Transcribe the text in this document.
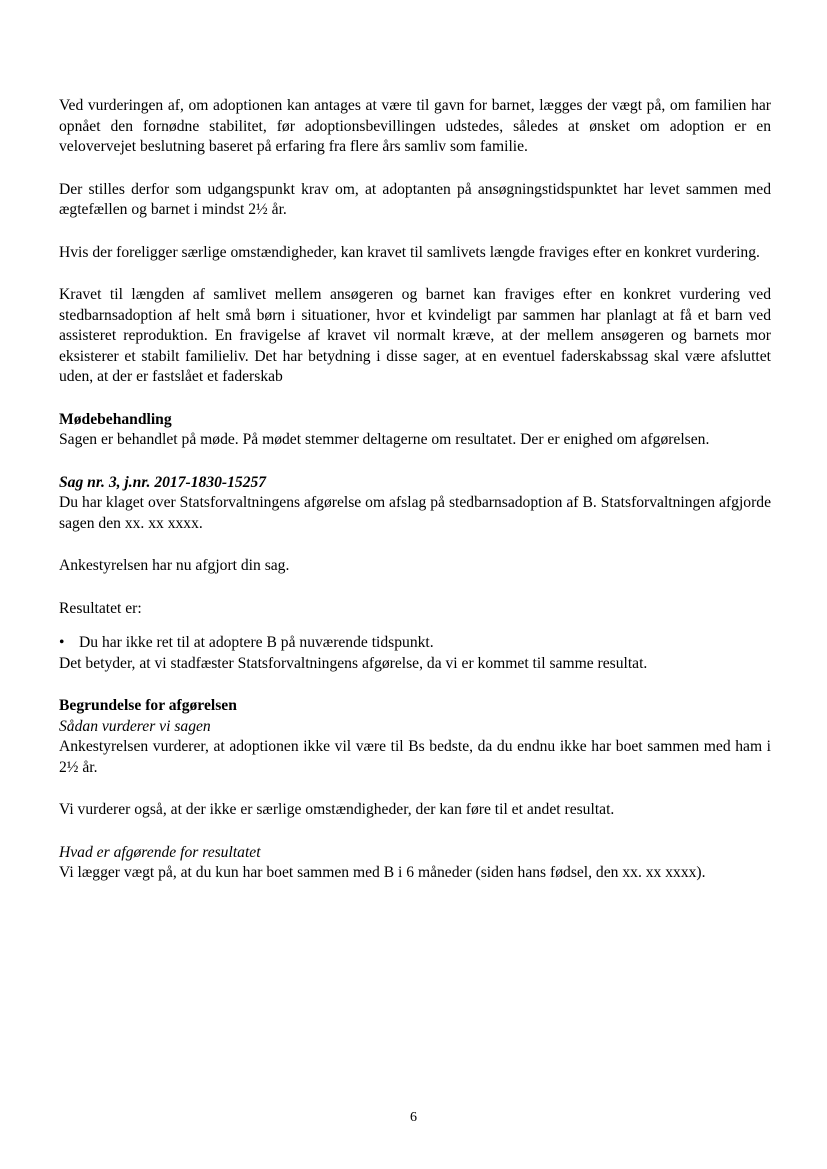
Ved vurderingen af, om adoptionen kan antages at være til gavn for barnet, lægges der vægt på, om familien har opnået den fornødne stabilitet, før adoptionsbevillingen udstedes, således at ønsket om adoption er en velovervejet beslutning baseret på erfaring fra flere års samliv som familie.

Der stilles derfor som udgangspunkt krav om, at adoptanten på ansøgningstidspunktet har levet sammen med ægtefællen og barnet i mindst 2½ år.

Hvis der foreligger særlige omstændigheder, kan kravet til samlivets længde fraviges efter en konkret vurdering.

Kravet til længden af samlivet mellem ansøgeren og barnet kan fraviges efter en konkret vurdering ved stedbarnsadoption af helt små børn i situationer, hvor et kvindeligt par sammen har planlagt at få et barn ved assisteret reproduktion. En fravigelse af kravet vil normalt kræve, at der mellem ansøgeren og barnets mor eksisterer et stabilt familieliv. Det har betydning i disse sager, at en eventuel faderskabssag skal være afsluttet uden, at der er fastslået et faderskab

Mødebehandling

Sagen er behandlet på møde. På mødet stemmer deltagerne om resultatet. Der er enighed om afgørelsen.

Sag nr. 3, j.nr. 2017-1830-15257

Du har klaget over Statsforvaltningens afgørelse om afslag på stedbarnsadoption af B. Statsforvaltningen afgjorde sagen den xx. xx xxxx.

Ankestyrelsen har nu afgjort din sag.

Resultatet er:

• Du har ikke ret til at adoptere B på nuværende tidspunkt.

Det betyder, at vi stadfæster Statsforvaltningens afgørelse, da vi er kommet til samme resultat.

Begrundelse for afgørelsen

Sådan vurderer vi sagen

Ankestyrelsen vurderer, at adoptionen ikke vil være til Bs bedste, da du endnu ikke har boet sammen med ham i 2½ år.

Vi vurderer også, at der ikke er særlige omstændigheder, der kan føre til et andet resultat.

Hvad er afgørende for resultatet

Vi lægger vægt på, at du kun har boet sammen med B i 6 måneder (siden hans fødsel, den xx. xx xxxx).

6
